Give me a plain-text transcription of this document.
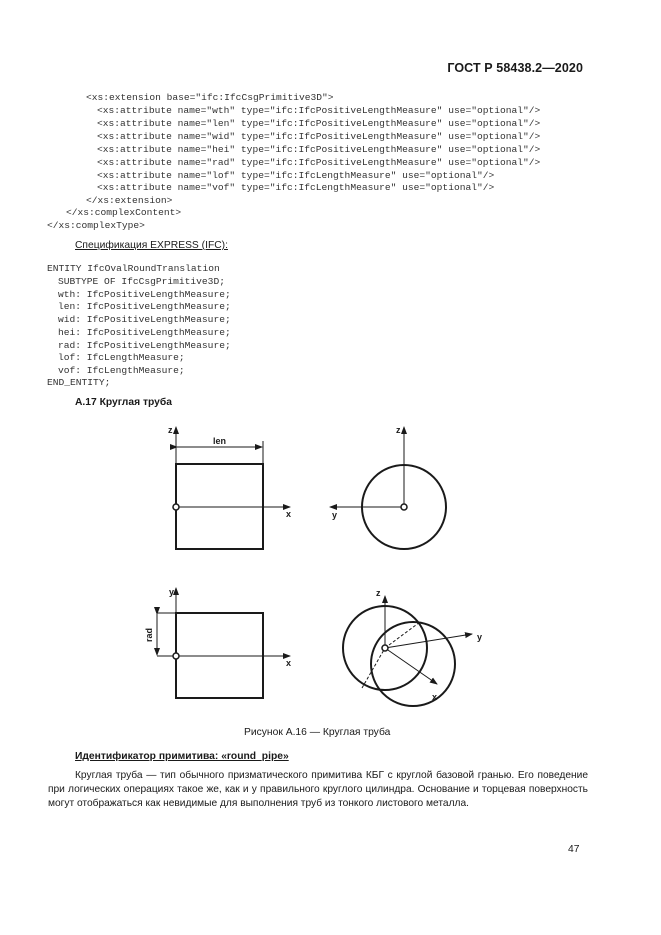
ГОСТ Р 58438.2—2020
<xs:extension base="ifc:IfcCsgPrimitive3D">
<xs:attribute name="wth" type="ifc:IfcPositiveLengthMeasure" use="optional"/>
<xs:attribute name="len" type="ifc:IfcPositiveLengthMeasure" use="optional"/>
<xs:attribute name="wid" type="ifc:IfcPositiveLengthMeasure" use="optional"/>
<xs:attribute name="hei" type="ifc:IfcPositiveLengthMeasure" use="optional"/>
<xs:attribute name="rad" type="ifc:IfcPositiveLengthMeasure" use="optional"/>
<xs:attribute name="lof" type="ifc:IfcLengthMeasure" use="optional"/>
<xs:attribute name="vof" type="ifc:IfcLengthMeasure" use="optional"/>
</xs:extension>
</xs:complexContent>
</xs:complexType>
Спецификация EXPRESS (IFC):
ENTITY IfcOvalRoundTranslation
SUBTYPE OF IfcCsgPrimitive3D;
wth: IfcPositiveLengthMeasure;
len: IfcPositiveLengthMeasure;
wid: IfcPositiveLengthMeasure;
hei: IfcPositiveLengthMeasure;
rad: IfcPositiveLengthMeasure;
lof: IfcLengthMeasure;
vof: IfcLengthMeasure;
END_ENTITY;
А.17 Круглая труба
z
x
len
z
y
y
x
rad
z
y
x
Рисунок А.16 — Круглая труба
Идентификатор примитива: «round_pipe»
Круглая труба — тип обычного призматического примитива КБГ с круглой базовой гранью. Его поведение при логических операциях такое же, как и у правильного круглого цилиндра. Основание и торцевая поверхность могут отображаться как невидимые для выполнения труб из тонкого листового металла.
47
